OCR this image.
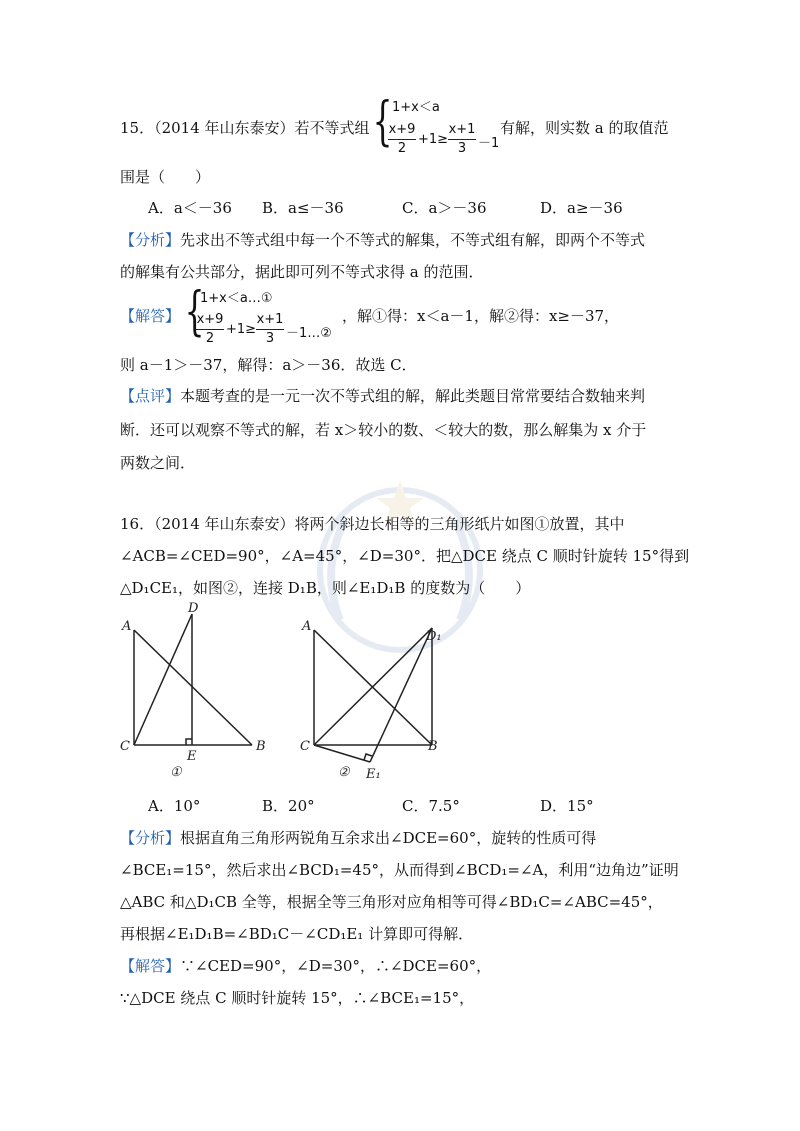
15．（2014 年山东泰安）若不等式组 { 1+x＜a
x+9
2
+1≥
x+1
3 －1
有解，则实数 a 的取值范
围是（　　）
A．a＜－36 B．a≤－36	C．a＞－36	D．a≥－36
【分析】先求出不等式组中每一个不等式的解集，不等式组有解，即两个不等式
的解集有公共部分，据此即可列不等式求得 a 的范围．
【解答】 {
1+x＜a…①
x+9
2
+1≥
x+1
3 －1…②
，解①得：x＜a－1，解②得：x≥－37，
则 a－1＞－37，解得：a＞－36．故选 C．
【点评】本题考查的是一元一次不等式组的解，解此类题目常常要结合数轴来判
断．还可以观察不等式的解，若 x＞较小的数、＜较大的数，那么解集为 x 介于
两数之间．
16．（2014 年山东泰安）将两个斜边长相等的三角形纸片如图①放置，其中
∠ACB=∠CED=90°，∠A=45°，∠D=30°．把△DCE 绕点 C 顺时针旋转 15°得到
△D₁CE₁，如图②，连接 D₁B，则∠E₁D₁B 的度数为（　　）
A
D
C
E
B
①
A
D₁
C	B
E₁
②
A．10°	B．20°	C．7.5°	D．15°
【分析】根据直角三角形两锐角互余求出∠DCE=60°，旋转的性质可得
∠BCE₁=15°，然后求出∠BCD₁=45°，从而得到∠BCD₁=∠A，利用“边角边”证明
△ABC 和△D₁CB 全等，根据全等三角形对应角相等可得∠BD₁C=∠ABC=45°，
再根据∠E₁D₁B=∠BD₁C－∠CD₁E₁ 计算即可得解．
【解答】∵∠CED=90°，∠D=30°，∴∠DCE=60°，
∵△DCE 绕点 C 顺时针旋转 15°，∴∠BCE₁=15°，
